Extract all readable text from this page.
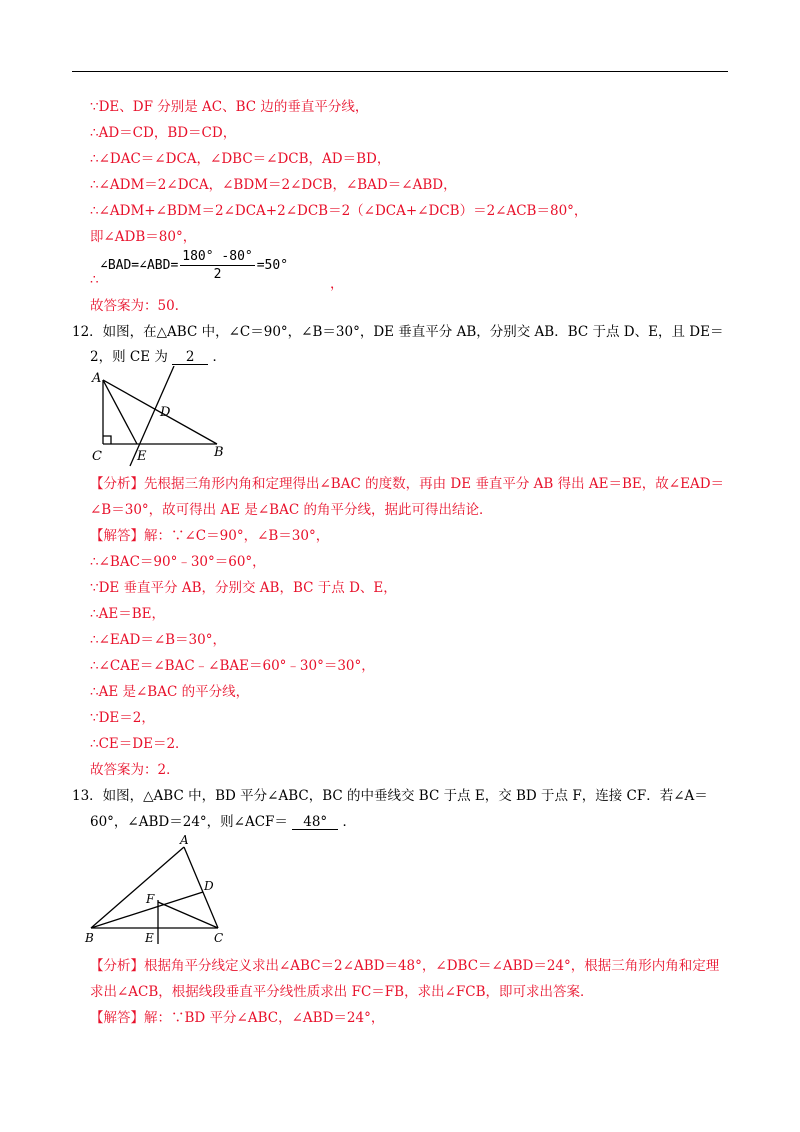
∵DE、DF 分别是 AC、BC 边的垂直平分线，
∴AD＝CD，BD＝CD，
∴∠DAC＝∠DCA，∠DBC＝∠DCB，AD＝BD，
∴∠ADM＝2∠DCA，∠BDM＝2∠DCB，∠BAD＝∠ABD，
∴∠ADM+∠BDM＝2∠DCA+2∠DCB＝2（∠DCA+∠DCB）＝2∠ACB＝80°，
即∠ADB＝80°，
∠BAD=∠ABD= $\frac{180^\circ -80^\circ}{2} =50^\circ$
∴	，
故答案为：50.
12．如图，在△ABC 中，∠C＝90°，∠B＝30°，DE 垂直平分 AB，分别交 AB．BC 于点 D、E，且 DE＝
2，则 CE 为 2 ．
A
D
C	E	B
【分析】先根据三角形内角和定理得出∠BAC 的度数，再由 DE 垂直平分 AB 得出 AE＝BE，故∠EAD＝
∠B＝30°，故可得出 AE 是∠BAC 的角平分线，据此可得出结论．
【解答】解：∵∠C＝90°，∠B＝30°，
∴∠BAC＝90°﹣30°＝60°，
∵DE 垂直平分 AB，分别交 AB，BC 于点 D、E，
∴AE＝BE，
∴∠EAD＝∠B＝30°，
∴∠CAE＝∠BAC﹣∠BAE＝60°﹣30°＝30°，
∴AE 是∠BAC 的平分线，
∵DE＝2，
∴CE＝DE＝2．
故答案为：2．
13．如图，△ABC 中，BD 平分∠ABC，BC 的中垂线交 BC 于点 E，交 BD 于点 F，连接 CF．若∠A＝
60°，∠ABD＝24°，则∠ACF＝ 48° ．
A
D
F
B	E	C
【分析】根据角平分线定义求出∠ABC＝2∠ABD＝48°，∠DBC＝∠ABD＝24°，根据三角形内角和定理
求出∠ACB，根据线段垂直平分线性质求出 FC＝FB，求出∠FCB，即可求出答案．
【解答】解：∵BD 平分∠ABC，∠ABD＝24°，
